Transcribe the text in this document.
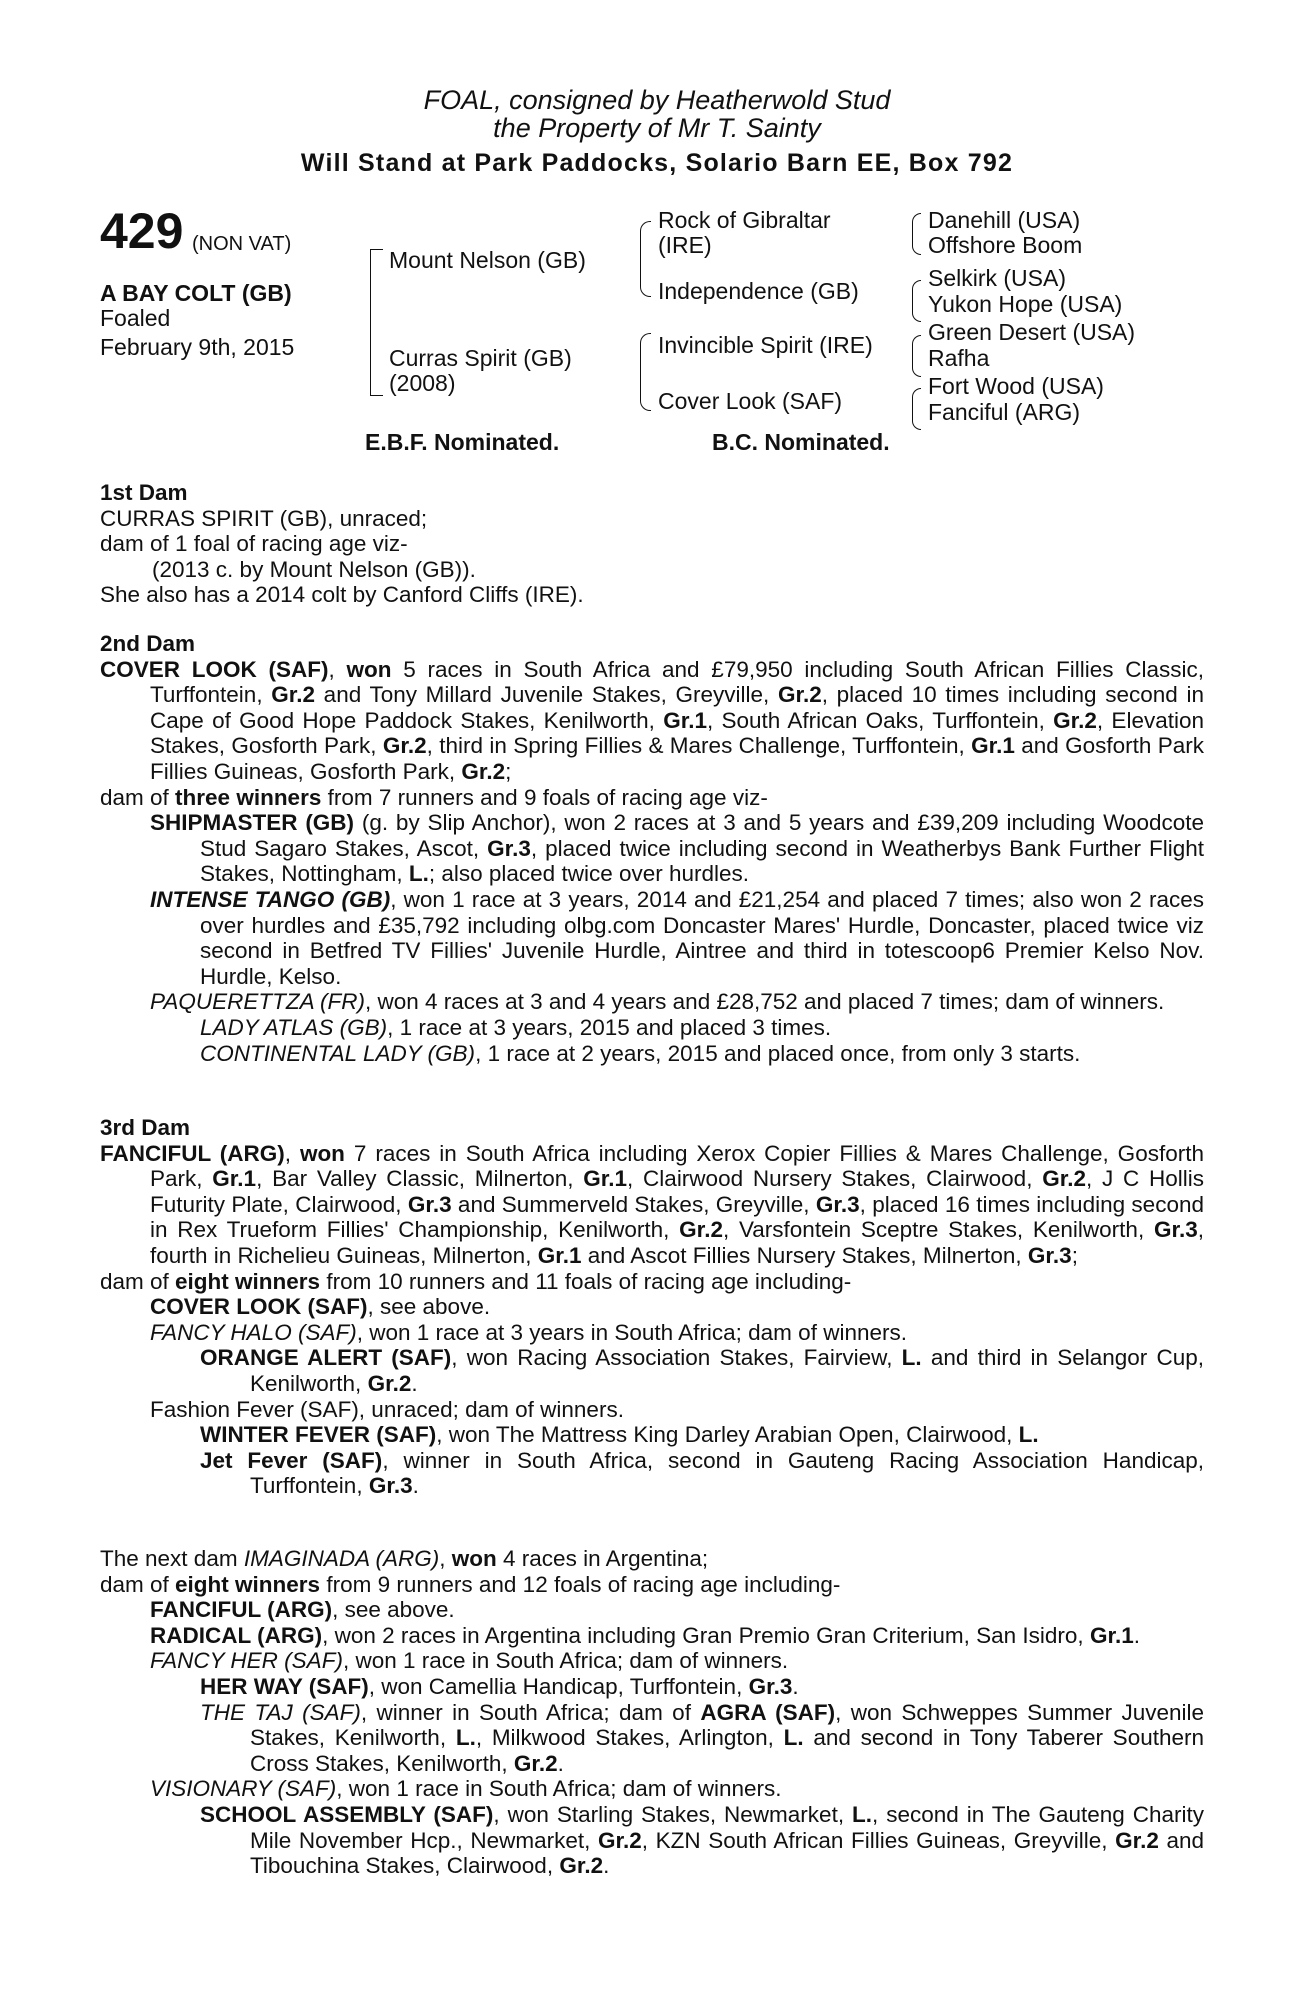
FOAL, consigned by Heatherwold Stud
the Property of Mr T. Sainty
Will Stand at Park Paddocks, Solario Barn EE, Box 792
429 (NON VAT)
A BAY COLT (GB)
Foaled
February 9th, 2015
Mount Nelson (GB)
Curras Spirit (GB)
(2008)
Rock of Gibraltar
(IRE)
Independence (GB)
Invincible Spirit (IRE)
Cover Look (SAF)
Danehill (USA)
Offshore Boom
Selkirk (USA)
Yukon Hope (USA)
Green Desert (USA)
Rafha
Fort Wood (USA)
Fanciful (ARG)
E.B.F. Nominated.	B.C. Nominated.

1st Dam

CURRAS SPIRIT (GB), unraced;

dam of 1 foal of racing age viz-

(2013 c. by Mount Nelson (GB)).

She also has a 2014 colt by Canford Cliffs (IRE).

2nd Dam

COVER LOOK (SAF), won 5 races in South Africa and £79,950 including South African Fillies Classic, Turffontein, Gr.2 and Tony Millard Juvenile Stakes, Greyville, Gr.2, placed 10 times including second in Cape of Good Hope Paddock Stakes, Kenilworth, Gr.1, South African Oaks, Turffontein, Gr.2, Elevation Stakes, Gosforth Park, Gr.2, third in Spring Fillies & Mares Challenge, Turffontein, Gr.1 and Gosforth Park Fillies Guineas, Gosforth Park, Gr.2;

dam of three winners from 7 runners and 9 foals of racing age viz-

SHIPMASTER (GB) (g. by Slip Anchor), won 2 races at 3 and 5 years and £39,209 including Woodcote Stud Sagaro Stakes, Ascot, Gr.3, placed twice including second in Weatherbys Bank Further Flight Stakes, Nottingham, L.; also placed twice over hurdles.

INTENSE TANGO (GB), won 1 race at 3 years, 2014 and £21,254 and placed 7 times; also won 2 races over hurdles and £35,792 including olbg.com Doncaster Mares' Hurdle, Doncaster, placed twice viz second in Betfred TV Fillies' Juvenile Hurdle, Aintree and third in totescoop6 Premier Kelso Nov. Hurdle, Kelso.

PAQUERETTZA (FR), won 4 races at 3 and 4 years and £28,752 and placed 7 times; dam of winners.

LADY ATLAS (GB), 1 race at 3 years, 2015 and placed 3 times.

CONTINENTAL LADY (GB), 1 race at 2 years, 2015 and placed once, from only 3 starts.

3rd Dam

FANCIFUL (ARG), won 7 races in South Africa including Xerox Copier Fillies & Mares Challenge, Gosforth Park, Gr.1, Bar Valley Classic, Milnerton, Gr.1, Clairwood Nursery Stakes, Clairwood, Gr.2, J C Hollis Futurity Plate, Clairwood, Gr.3 and Summerveld Stakes, Greyville, Gr.3, placed 16 times including second in Rex Trueform Fillies' Championship, Kenilworth, Gr.2, Varsfontein Sceptre Stakes, Kenilworth, Gr.3, fourth in Richelieu Guineas, Milnerton, Gr.1 and Ascot Fillies Nursery Stakes, Milnerton, Gr.3;

dam of eight winners from 10 runners and 11 foals of racing age including-

COVER LOOK (SAF), see above.

FANCY HALO (SAF), won 1 race at 3 years in South Africa; dam of winners.

ORANGE ALERT (SAF), won Racing Association Stakes, Fairview, L. and third in Selangor Cup, Kenilworth, Gr.2.

Fashion Fever (SAF), unraced; dam of winners.

WINTER FEVER (SAF), won The Mattress King Darley Arabian Open, Clairwood, L.

Jet Fever (SAF), winner in South Africa, second in Gauteng Racing Association Handicap, Turffontein, Gr.3.

The next dam IMAGINADA (ARG), won 4 races in Argentina;

dam of eight winners from 9 runners and 12 foals of racing age including-

FANCIFUL (ARG), see above.

RADICAL (ARG), won 2 races in Argentina including Gran Premio Gran Criterium, San Isidro, Gr.1.

FANCY HER (SAF), won 1 race in South Africa; dam of winners.

HER WAY (SAF), won Camellia Handicap, Turffontein, Gr.3.

THE TAJ (SAF), winner in South Africa; dam of AGRA (SAF), won Schweppes Summer Juvenile Stakes, Kenilworth, L., Milkwood Stakes, Arlington, L. and second in Tony Taberer Southern Cross Stakes, Kenilworth, Gr.2.

VISIONARY (SAF), won 1 race in South Africa; dam of winners.

SCHOOL ASSEMBLY (SAF), won Starling Stakes, Newmarket, L., second in The Gauteng Charity Mile November Hcp., Newmarket, Gr.2, KZN South African Fillies Guineas, Greyville, Gr.2 and Tibouchina Stakes, Clairwood, Gr.2.
